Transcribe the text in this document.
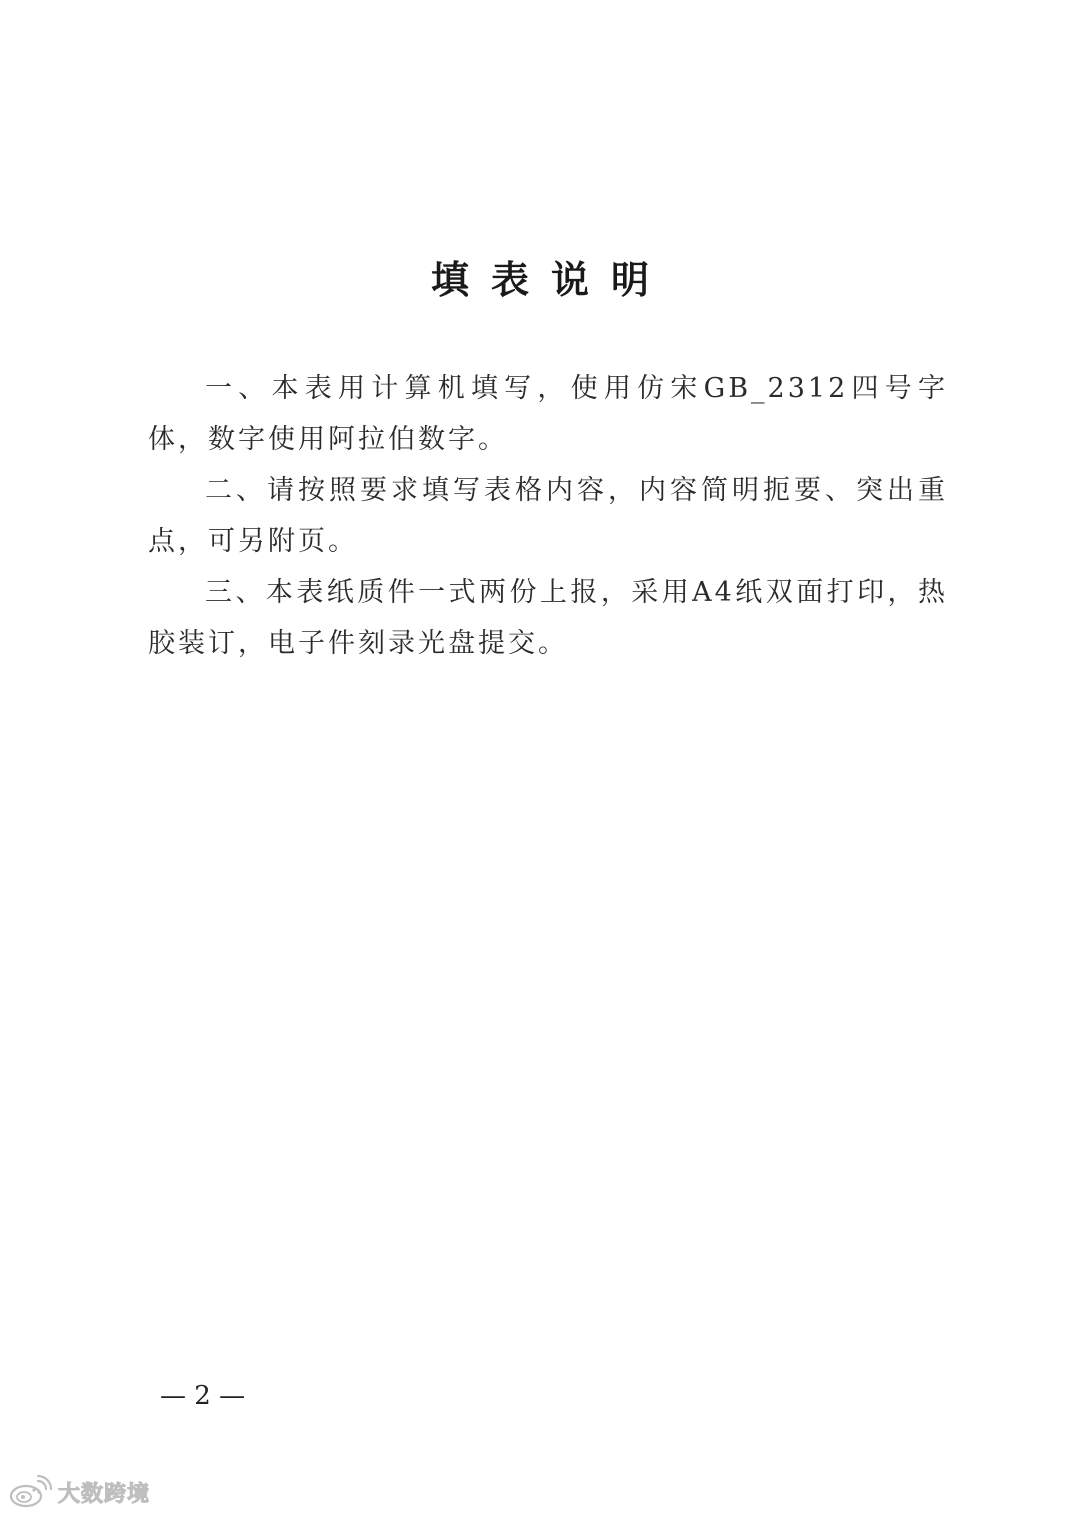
填表说明

一、本表用计算机填写，使用仿宋GB_2312四号字体，数字使用阿拉伯数字。

二、请按照要求填写表格内容，内容简明扼要、突出重点，可另附页。

三、本表纸质件一式两份上报，采用A4纸双面打印，热胶装订，电子件刻录光盘提交。

— 2 —
大数跨境
